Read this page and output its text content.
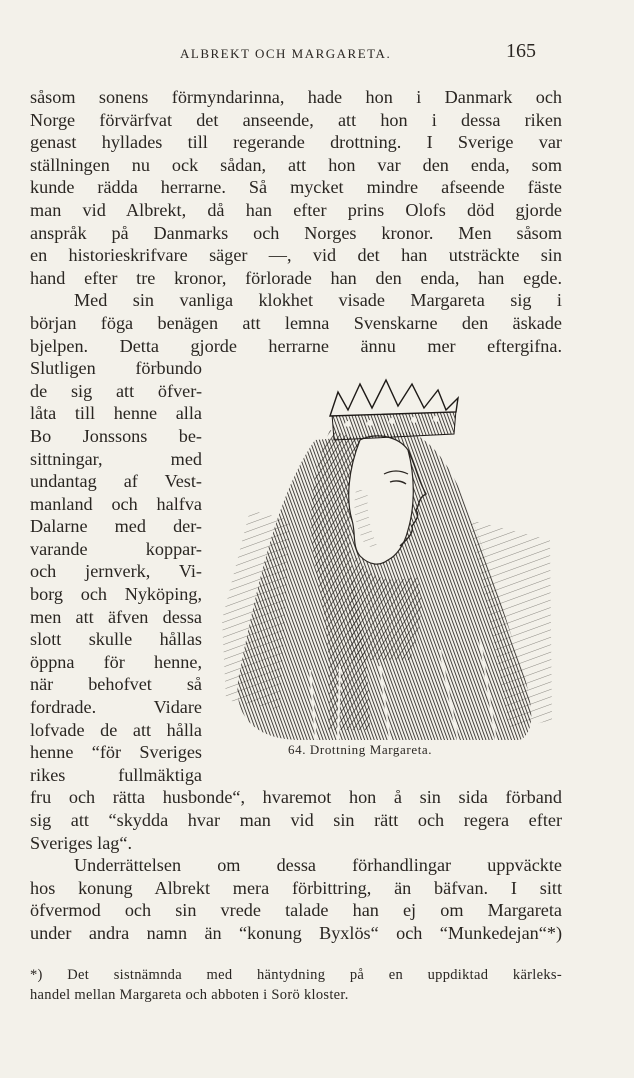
ALBREKT OCH MARGARETA.	165
såsom sonens förmyndarinna, hade hon i Danmark och
Norge förvärfvat det anseende, att hon i dessa riken
genast hyllades till regerande drottning. I Sverige var
ställningen nu ock sådan, att hon var den enda, som
kunde rädda herrarne. Så mycket mindre afseende fäste
man vid Albrekt, då han efter prins Olofs död gjorde
anspråk på Danmarks och Norges kronor. Men såsom
en historieskrifvare säger —, vid det han utsträckte sin
hand efter tre kronor, förlorade han den enda, han egde.
Med sin vanliga klokhet visade Margareta sig i
början föga benägen att lemna Svenskarne den äskade
bjelpen. Detta gjorde herrarne ännu mer eftergifna.
Slutligen förbundo
de sig att öfver-
låta till henne alla
Bo Jonssons be-
sittningar, med
undantag af Vest-
manland och halfva
Dalarne med der-
varande koppar-
och jernverk, Vi-
borg och Nyköping,
men att äfven dessa
slott skulle hållas
öppna för henne,
när behofvet så
fordrade. Vidare
lofvade de att hålla
henne “för Sveriges
rikes fullmäktiga
fru och rätta husbonde“, hvaremot hon å sin sida förband
sig att “skydda hvar man vid sin rätt och regera efter
Sveriges lag“.
Underrättelsen om dessa förhandlingar uppväckte
hos konung Albrekt mera förbittring, än bäfvan. I sitt
öfvermod och sin vrede talade han ej om Margareta
under andra namn än “konung Byxlös“ och “Munkedejan“*)
64. Drottning Margareta.
*) Det sistnämnda med häntydning på en uppdiktad kärleks-
handel mellan Margareta och abboten i Sorö kloster.
